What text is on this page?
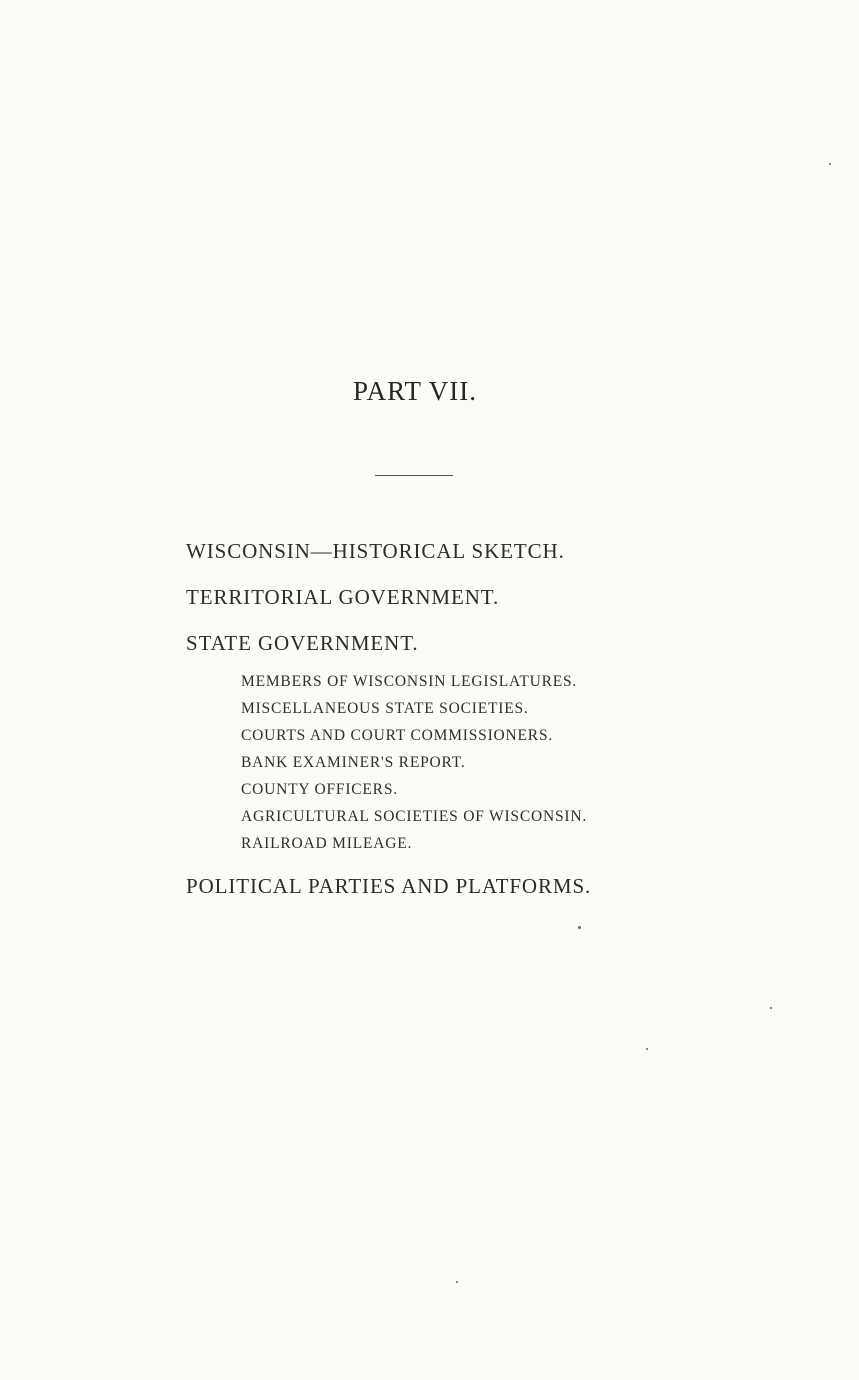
PART VII.
WISCONSIN—HISTORICAL SKETCH.
TERRITORIAL GOVERNMENT.
STATE GOVERNMENT.
MEMBERS OF WISCONSIN LEGISLATURES.
MISCELLANEOUS STATE SOCIETIES.
COURTS AND COURT COMMISSIONERS.
BANK EXAMINER'S REPORT.
COUNTY OFFICERS.
AGRICULTURAL SOCIETIES OF WISCONSIN.
RAILROAD MILEAGE.
POLITICAL PARTIES AND PLATFORMS.
